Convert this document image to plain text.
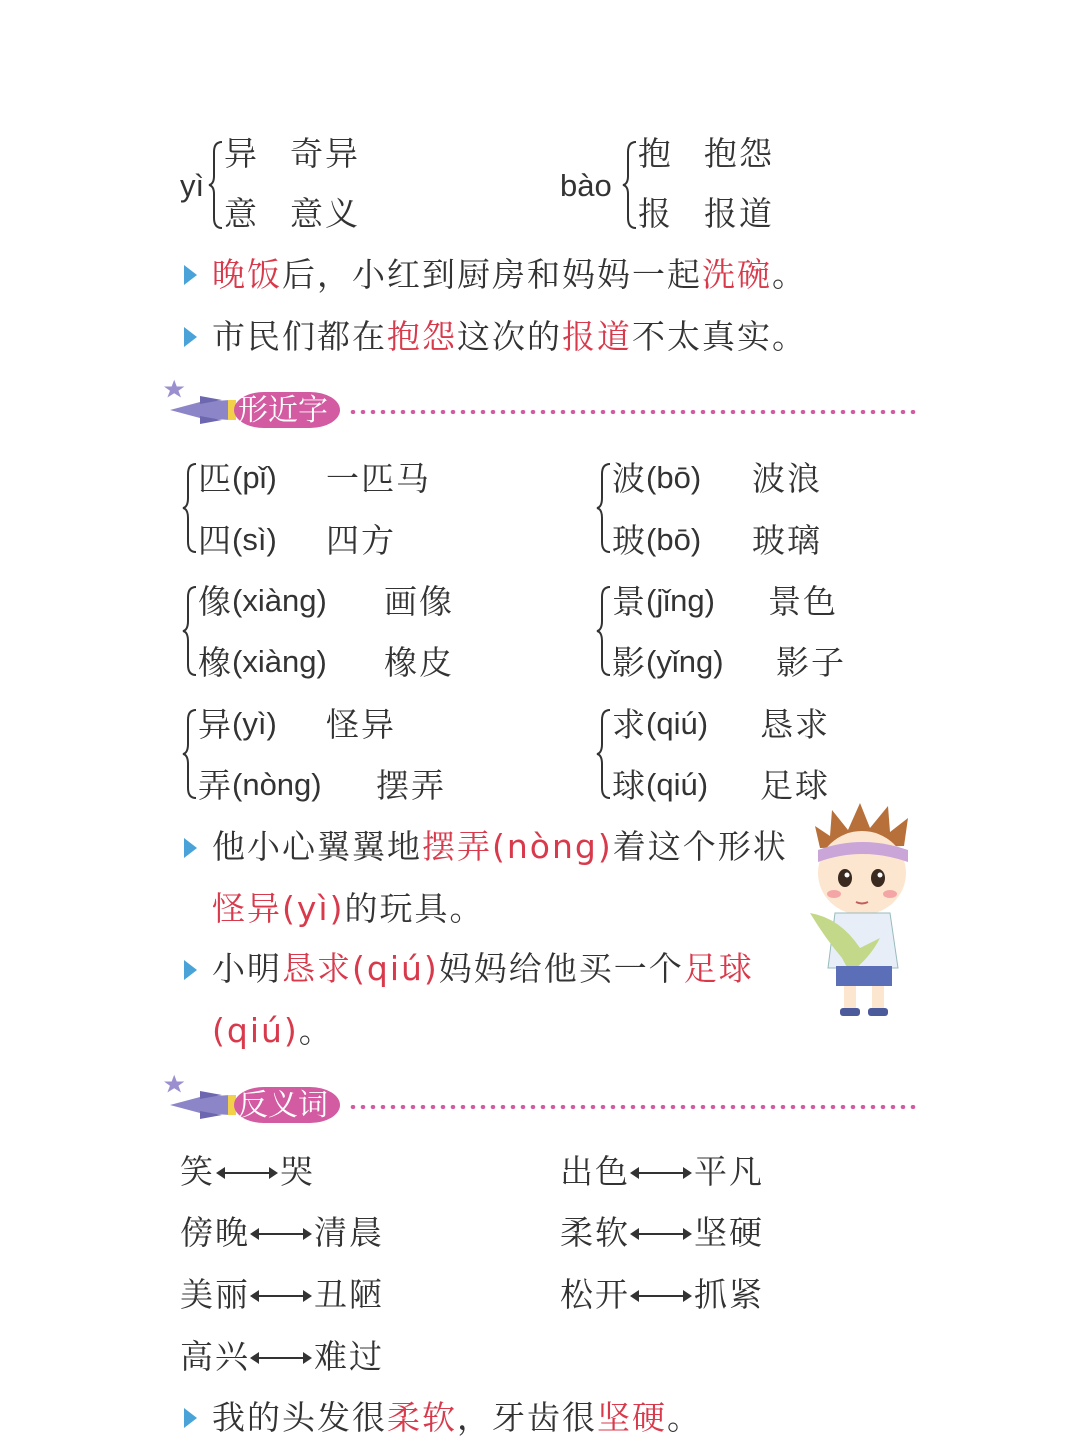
yì
异 奇异
意 意义
bào
抱 抱怨
报 报道
晚饭后，小红到厨房和妈妈一起洗碗。
市民们都在抱怨这次的报道不太真实。
形近字
匹 (pǐ) 一匹马
四 (sì) 四方
波 (bō) 波浪
玻 (bō) 玻璃
像 (xiàng) 画像
橡 (xiàng) 橡皮
景 (jǐng) 景色
影 (yǐng) 影子
异 (yì) 怪异
弄 (nòng) 摆弄
求 (qiú) 恳求
球 (qiú) 足球
他小心翼翼地摆弄(nòng)着这个形状
怪异(yì)的玩具。
小明恳求(qiú)妈妈给他买一个足球
(qiú)。
反义词
笑 哭	出色 平凡
傍晚 清晨	柔软 坚硬
美丽 丑陋	松开 抓紧
高兴 难过
我的头发很柔软，牙齿很坚硬。
